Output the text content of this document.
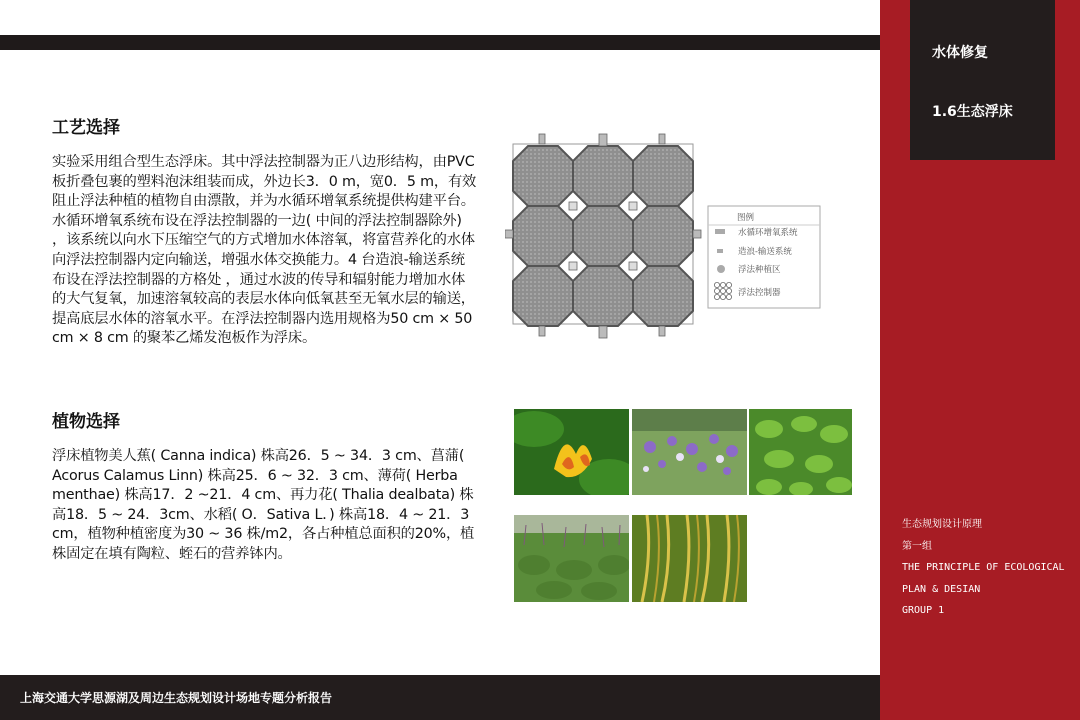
水体修复
1.6生态浮床
生态规划设计原理
第一组
THE PRINCIPLE OF ECOLOGICAL
PLAN & DESIAN
GROUP 1
工艺选择
实验采用组合型生态浮床。其中浮法控制器为正八边形结构，由PVC 板折叠包裹的塑料泡沫组装而成，外边长3．0 m，宽0．5 m，有效阻止浮法种植的植物自由漂散，并为水循环增氧系统提供构建平台。水循环增氧系统布设在浮法控制器的一边( 中间的浮法控制器除外) ，该系统以向水下压缩空气的方式增加水体溶氧，将富营养化的水体向浮法控制器内定向输送，增强水体交换能力。4 台造浪-输送系统布设在浮法控制器的方格处 ，通过水波的传导和辐射能力增加水体的大气复氧，加速溶氧较高的表层水体向低氧甚至无氧水层的输送，提高底层水体的溶氧水平。在浮法控制器内选用规格为50 cm × 50 cm × 8 cm 的聚苯乙烯发泡板作为浮床。
植物选择
浮床植物美人蕉( Canna indica) 株高26．5 ~ 34．3 cm、菖蒲( Acorus Calamus Linn) 株高25．6 ~ 32．3 cm、薄荷( Herba menthae) 株高17．2 ~21．4 cm、再力花( Thalia dealbata) 株高18．5 ~ 24．3cm、水稻( O．Sativa L．) 株高18．4 ~ 21．3 cm，植物种植密度为30 ~ 36 株/m2，各占种植总面积的20%，植株固定在填有陶粒、蛭石的营养钵内。
图例
水循环增氧系统
造浪-输送系统
浮法种植区
浮法控制器
上海交通大学思源湖及周边生态规划设计场地专题分析报告
